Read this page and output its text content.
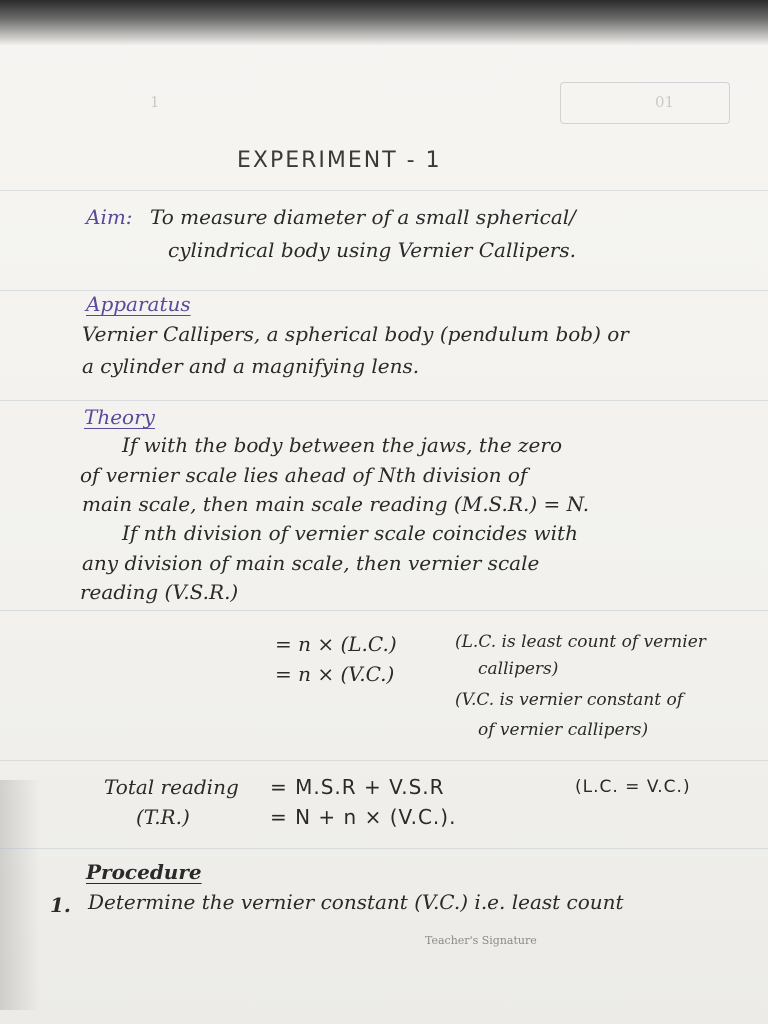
1	01
EXPERIMENT - 1
Aim: To measure diameter of a small spherical/
cylindrical body using Vernier Callipers.
Apparatus
Vernier Callipers, a spherical body (pendulum bob) or
a cylinder and a magnifying lens.
Theory
If with the body between the jaws, the zero
of vernier scale lies ahead of Nth division of
main scale, then main scale reading (M.S.R.) = N.
If nth division of vernier scale coincides with
any division of main scale, then vernier scale
reading (V.S.R.)
= n × (L.C.)
= n × (V.C.)
(L.C. is least count of vernier
callipers)
(V.C. is vernier constant of
of vernier callipers)
Total reading
(T.R.)
= M.S.R + V.S.R
= N + n × (V.C.).
(L.C. = V.C.)
Procedure
1. Determine the vernier constant (V.C.) i.e. least count
Teacher's Signature
